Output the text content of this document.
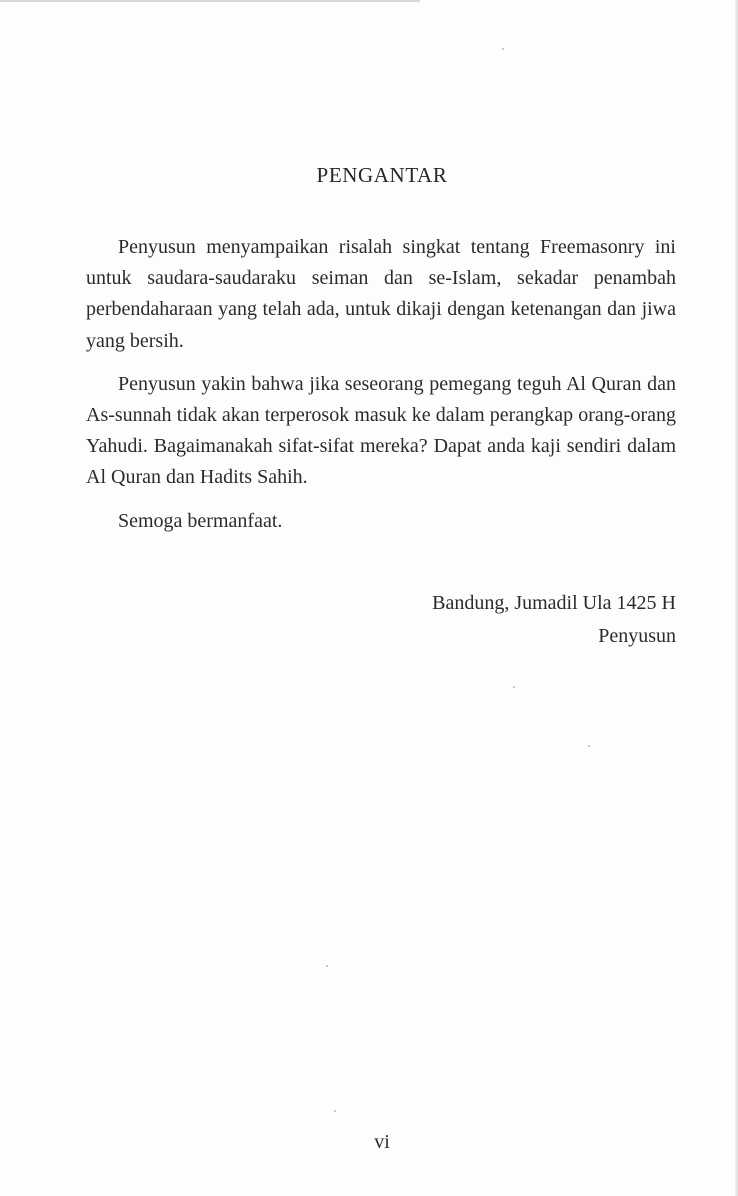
PENGANTAR

Penyusun menyampaikan risalah singkat tentang Freemasonry ini untuk saudara-saudaraku seiman dan se-Islam, sekadar penambah perbendaharaan yang telah ada, untuk dikaji dengan ketenangan dan jiwa yang bersih.

Penyusun yakin bahwa jika seseorang pemegang teguh Al Quran dan As-sunnah tidak akan terperosok masuk ke dalam perangkap orang-orang Yahudi. Bagaimanakah sifat-sifat mereka? Dapat anda kaji sendiri dalam Al Quran dan Hadits Sahih.

Semoga bermanfaat.

Bandung, Jumadil Ula 1425 H
Penyusun
vi
